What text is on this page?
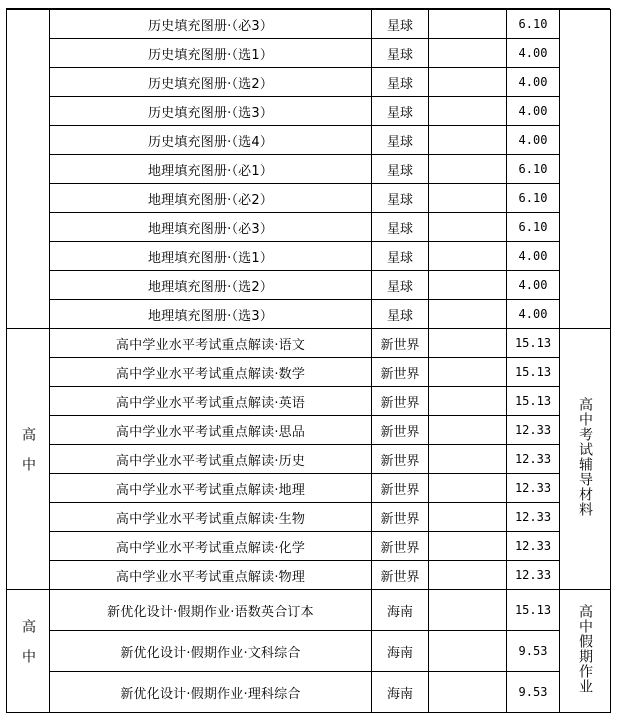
	历史填充图册·（必3）	星球		6.10	
	历史填充图册·（选1）	星球		4.00	
	历史填充图册·（选2）	星球		4.00	
	历史填充图册·（选3）	星球		4.00	
	历史填充图册·（选4）	星球		4.00	
	地理填充图册·（必1）	星球		6.10	
	地理填充图册·（必2）	星球		6.10	
	地理填充图册·（必3）	星球		6.10	
	地理填充图册·（选1）	星球		4.00	
	地理填充图册·（选2）	星球		4.00	
	地理填充图册·（选3）	星球		4.00	
高中	高中学业水平考试重点解读·语文	新世界		15.13	高中考试辅导材料
	高中学业水平考试重点解读·数学	新世界		15.13	
	高中学业水平考试重点解读·英语	新世界		15.13	
	高中学业水平考试重点解读·思品	新世界		12.33	
	高中学业水平考试重点解读·历史	新世界		12.33	
	高中学业水平考试重点解读·地理	新世界		12.33	
	高中学业水平考试重点解读·生物	新世界		12.33	
	高中学业水平考试重点解读·化学	新世界		12.33	
	高中学业水平考试重点解读·物理	新世界		12.33	
高中	新优化设计·假期作业·语数英合订本	海南		15.13	高中假期作业
	新优化设计·假期作业·文科综合	海南		9.53	
	新优化设计·假期作业·理科综合	海南		9.53	
